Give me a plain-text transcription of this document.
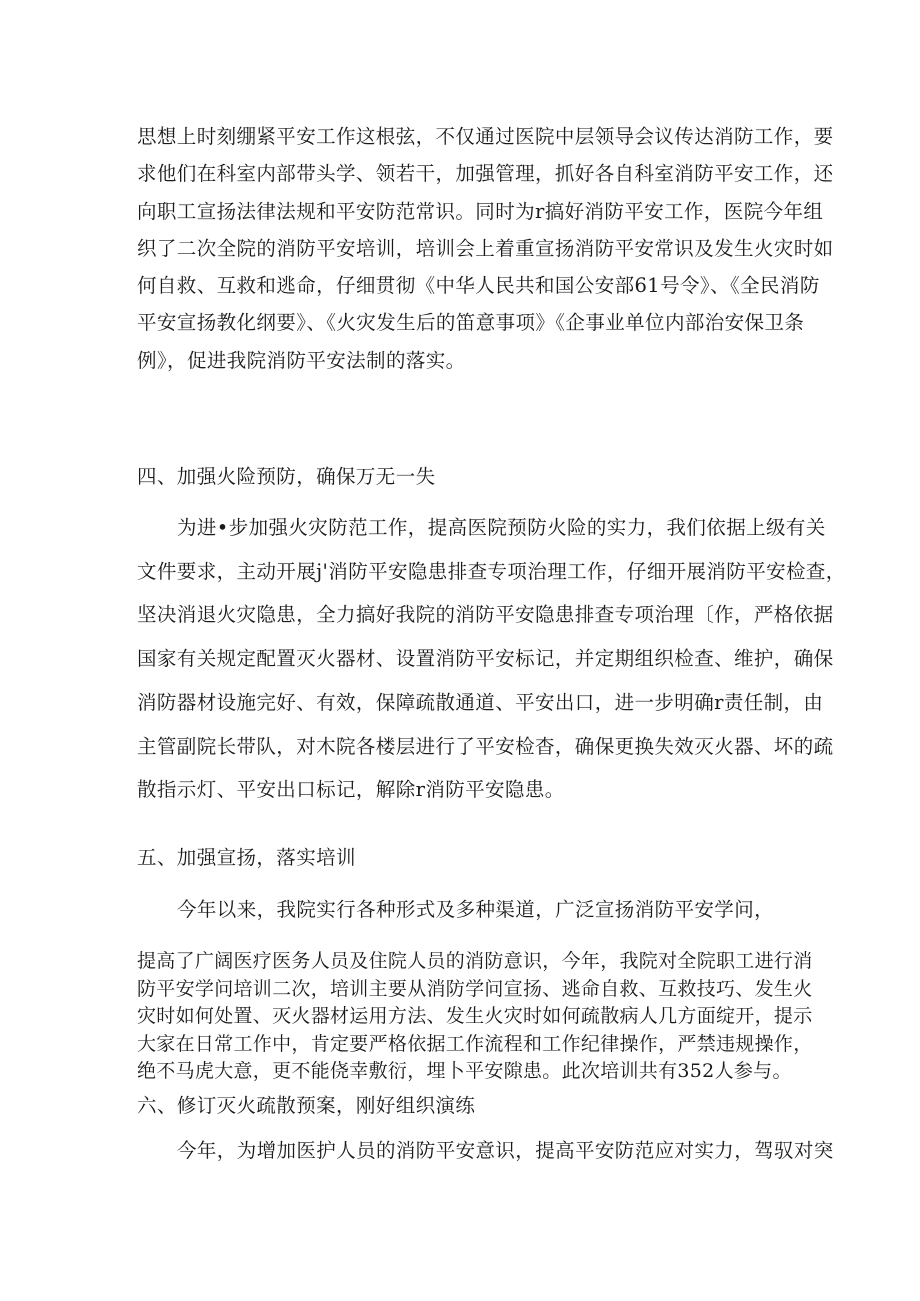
思想上时刻绷紧平安工作这根弦，不仅通过医院中层领导会议传达消防工作，要
求他们在科室内部带头学、领若干，加强管理，抓好各自科室消防平安工作，还
向职工宣扬法律法规和平安防范常识。同时为r搞好消防平安工作，医院今年组
织了二次全院的消防平安培训，培训会上着重宣扬消防平安常识及发生火灾时如
何自救、互救和逃命，仔细贯彻《中华人民共和国公安部61号令》、《全民消防
平安宣扬教化纲要》、《火灾发生后的笛意事项》《企事业单位内部治安保卫条
例》，促进我院消防平安法制的落实。
四、加强火险预防，确保万无一失
为进•步加强火灾防范工作，提高医院预防火险的实力，我们依据上级有关
文件要求，主动开展j'消防平安隐患排查专项治理工作，仔细开展消防平安检查，
坚决消退火灾隐患，全力搞好我院的消防平安隐患排查专项治理〔作，严格依据
国家有关规定配置灭火器材、设置消防平安标记，并定期组织检查、维护，确保
消防器材设施完好、有效，保障疏散通道、平安出口，进一步明确r责任制，由
主管副院长带队，对木院各楼层进行了平安检杳，确保更换失效灭火器、坏的疏
散指示灯、平安出口标记，解除r消防平安隐患。
五、加强宣扬，落实培训
今年以来，我院实行各种形式及多种渠道，广泛宣扬消防平安学问，
提高了广阔医疗医务人员及住院人员的消防意识，今年，我院对全院职工进行消
防平安学问培训二次，培训主要从消防学问宣扬、逃命自救、互救技巧、发生火
灾时如何处置、灭火器材运用方法、发生火灾时如何疏散病人几方面绽开，提示
大家在日常工作中，肯定要严格依据工作流程和工作纪律操作，严禁违规操作，
绝不马虎大意，更不能侥幸敷衍，埋卜平安隙患。此次培训共有352人参与。
六、修订灭火疏散预案，刚好组织演练
今年，为增加医护人员的消防平安意识，提高平安防范应对实力，驾驭对突
